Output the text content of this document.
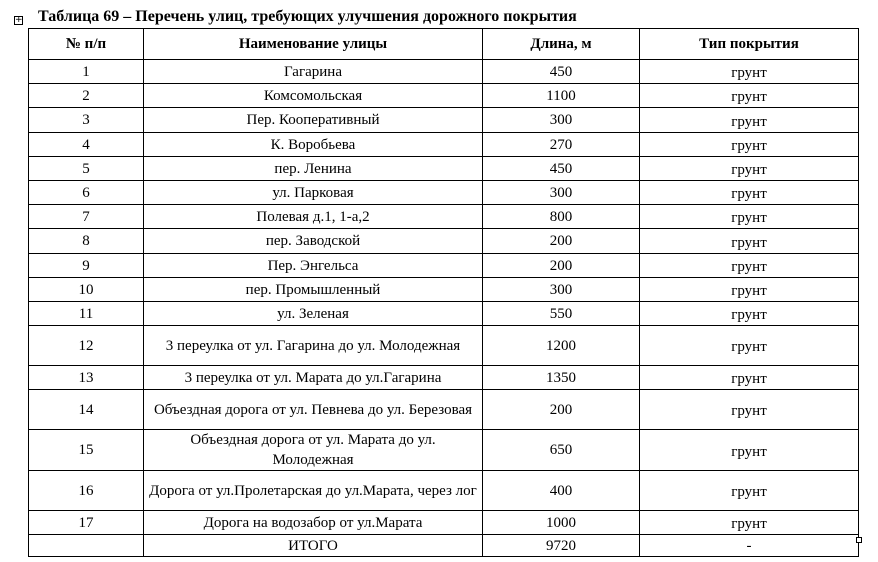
+ Таблица 69 – Перечень улиц, требующих улучшения дорожного покрытия
№ п/п	Наименование улицы	Длина, м	Тип покрытия
1	Гагарина	450	грунт
2	Комсомольская	1100	грунт
3	Пер. Кооперативный	300	грунт
4	К. Воробьева	270	грунт
5	пер. Ленина	450	грунт
6	ул. Парковая	300	грунт
7	Полевая д.1, 1-а,2	800	грунт
8	пер. Заводской	200	грунт
9	Пер. Энгельса	200	грунт
10	пер. Промышленный	300	грунт
11	ул. Зеленая	550	грунт
12	3 переулка от ул. Гагарина до ул. Молодежная	1200	грунт
13	3 переулка от ул. Марата до ул.Гагарина	1350	грунт
14	Объездная дорога от ул. Певнева до ул. Березовая	200	грунт
15	Объездная дорога от ул. Марата до ул. Молодежная	650	грунт
16	Дорога от ул.Пролетарская до ул.Марата, через лог	400	грунт
17	Дорога на водозабор от ул.Марата	1000	грунт
	ИТОГО	9720	-
